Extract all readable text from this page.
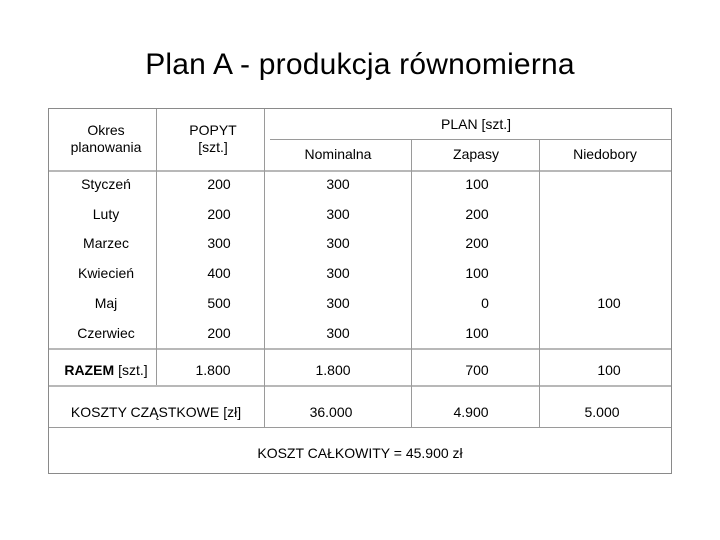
Plan A - produkcja równomierna
Okres
planowania
POPYT
[szt.]
PLAN [szt.]
Nominalna	Zapasy	Niedobory
Styczeń	200	300	100
Luty	200	300	200
Marzec	300	300	200
Kwiecień	400	300	100
Maj	500	300	0	100
Czerwiec	200	300	100
RAZEM [szt.]	1.800	1.800	700	100
KOSZTY CZĄSTKOWE [zł]	36.000	4.900	5.000
KOSZT CAŁKOWITY = 45.900 zł
